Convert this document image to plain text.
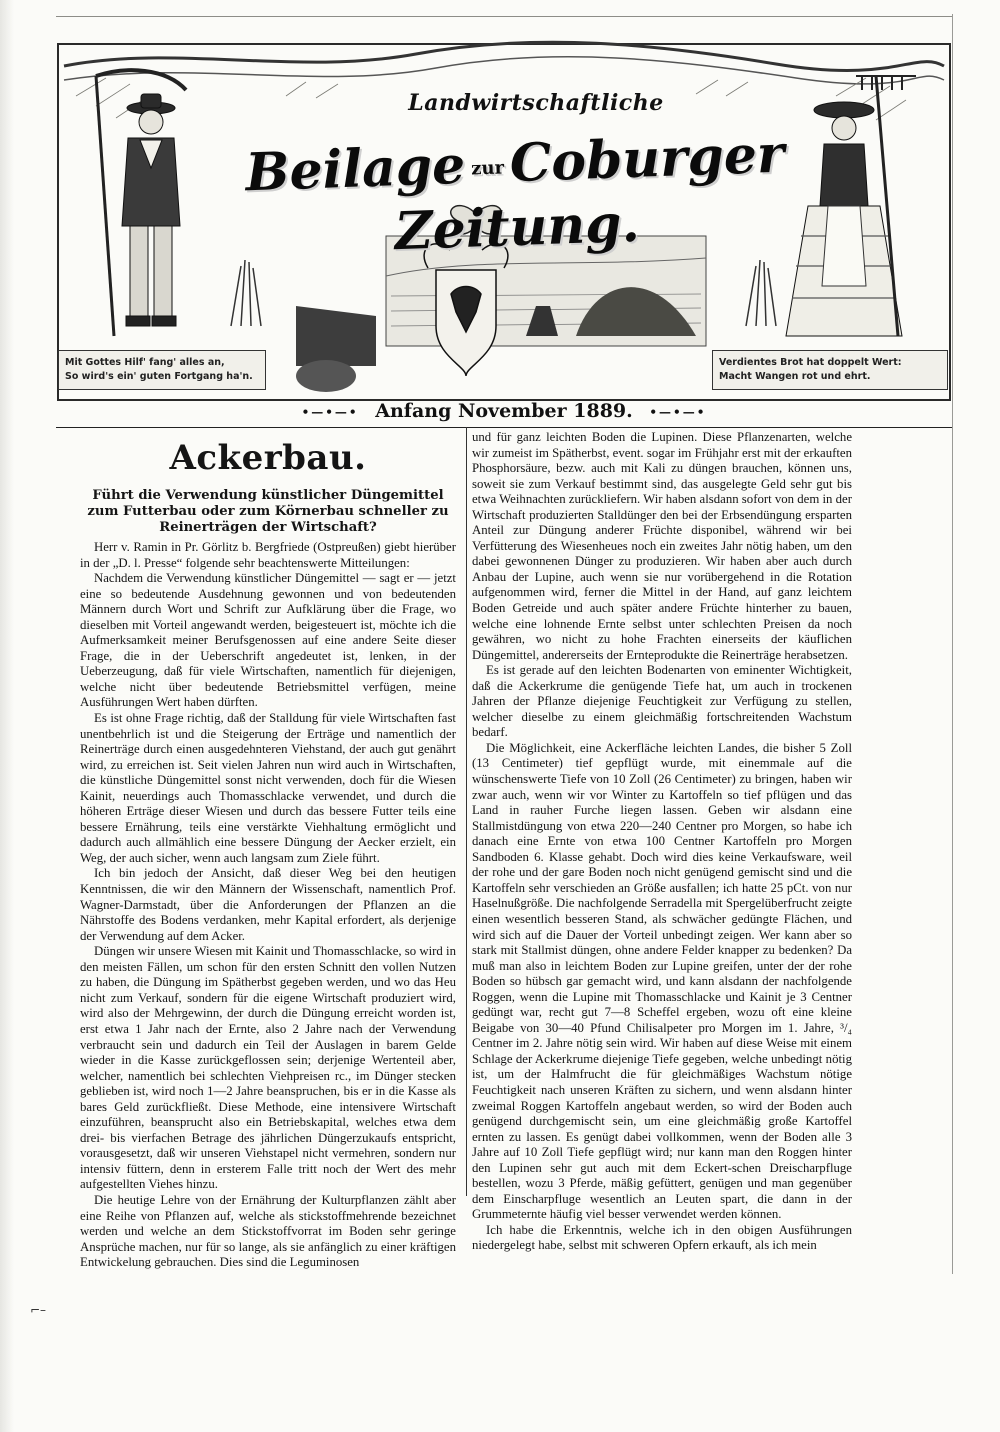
Landwirtschaftliche
Beilage zurCoburger Zeitung.
Mit Gottes Hilf' fang' alles an,
So wird's ein' guten Fortgang ha'n.
Verdientes Brot hat doppelt Wert:
Macht Wangen rot und ehrt.
•—•—• Anfang November 1889. •—•—•
Ackerbau.
Führt die Verwendung künstlicher Düngemittel zum Futterbau oder zum Körnerbau schneller zu Reinerträgen der Wirtschaft?

Herr v. Ramin in Pr. Görlitz b. Bergfriede (Ostpreußen) giebt hierüber in der „D. l. Presse“ folgende sehr beachtenswerte Mitteilungen:

Nachdem die Verwendung künstlicher Düngemittel — sagt er — jetzt eine so bedeutende Ausdehnung gewonnen und von bedeutenden Männern durch Wort und Schrift zur Aufklärung über die Frage, wo dieselben mit Vorteil angewandt werden, beigesteuert ist, möchte ich die Aufmerksamkeit meiner Berufsgenossen auf eine andere Seite dieser Frage, die in der Ueberschrift angedeutet ist, lenken, in der Ueberzeugung, daß für viele Wirtschaften, namentlich für diejenigen, welche nicht über bedeutende Betriebsmittel verfügen, meine Ausführungen Wert haben dürften.

Es ist ohne Frage richtig, daß der Stalldung für viele Wirtschaften fast unentbehrlich ist und die Steigerung der Erträge und namentlich der Reinerträge durch einen ausgedehnteren Viehstand, der auch gut genährt wird, zu erreichen ist. Seit vielen Jahren nun wird auch in Wirtschaften, die künstliche Düngemittel sonst nicht verwenden, doch für die Wiesen Kainit, neuerdings auch Thomasschlacke verwendet, und durch die höheren Erträge dieser Wiesen und durch das bessere Futter teils eine bessere Ernährung, teils eine verstärkte Viehhaltung ermöglicht und dadurch auch allmählich eine bessere Düngung der Aecker erzielt, ein Weg, der auch sicher, wenn auch langsam zum Ziele führt.

Ich bin jedoch der Ansicht, daß dieser Weg bei den heutigen Kenntnissen, die wir den Männern der Wissenschaft, namentlich Prof. Wagner-Darmstadt, über die Anforderungen der Pflanzen an die Nährstoffe des Bodens verdanken, mehr Kapital erfordert, als derjenige der Verwendung auf dem Acker.

Düngen wir unsere Wiesen mit Kainit und Thomasschlacke, so wird in den meisten Fällen, um schon für den ersten Schnitt den vollen Nutzen zu haben, die Düngung im Spätherbst gegeben werden, und wo das Heu nicht zum Verkauf, sondern für die eigene Wirtschaft produziert wird, wird also der Mehrgewinn, der durch die Düngung erreicht worden ist, erst etwa 1 Jahr nach der Ernte, also 2 Jahre nach der Verwendung verbraucht sein und dadurch ein Teil der Auslagen in barem Gelde wieder in die Kasse zurückgeflossen sein; derjenige Wertenteil aber, welcher, namentlich bei schlechten Viehpreisen rc., im Dünger stecken geblieben ist, wird noch 1—2 Jahre beanspruchen, bis er in die Kasse als bares Geld zurückfließt. Diese Methode, eine intensivere Wirtschaft einzuführen, beansprucht also ein Betriebskapital, welches etwa dem drei- bis vierfachen Betrage des jährlichen Düngerzukaufs entspricht, vorausgesetzt, daß wir unseren Viehstapel nicht vermehren, sondern nur intensiv füttern, denn in ersterem Falle tritt noch der Wert des mehr aufgestellten Viehes hinzu.

Die heutige Lehre von der Ernährung der Kulturpflanzen zählt aber eine Reihe von Pflanzen auf, welche als stickstoffmehrende bezeichnet werden und welche an dem Stickstoffvorrat im Boden sehr geringe Ansprüche machen, nur für so lange, als sie anfänglich zu einer kräftigen Entwickelung gebrauchen. Dies sind die Leguminosen

und für ganz leichten Boden die Lupinen. Diese Pflanzenarten, welche wir zumeist im Spätherbst, event. sogar im Frühjahr erst mit der erkauften Phosphorsäure, bezw. auch mit Kali zu düngen brauchen, können uns, soweit sie zum Verkauf bestimmt sind, das ausgelegte Geld sehr gut bis etwa Weihnachten zurückliefern. Wir haben alsdann sofort von dem in der Wirtschaft produzierten Stalldünger den bei der Erbsendüngung ersparten Anteil zur Düngung anderer Früchte disponibel, während wir bei Verfütterung des Wiesenheues noch ein zweites Jahr nötig haben, um den dabei gewonnenen Dünger zu produzieren. Wir haben aber auch durch Anbau der Lupine, auch wenn sie nur vorübergehend in die Rotation aufgenommen wird, ferner die Mittel in der Hand, auf ganz leichtem Boden Getreide und auch später andere Früchte hinterher zu bauen, welche eine lohnende Ernte selbst unter schlechten Preisen da noch gewähren, wo nicht zu hohe Frachten einerseits der käuflichen Düngemittel, andererseits der Ernteprodukte die Reinerträge herabsetzen.

Es ist gerade auf den leichten Bodenarten von eminenter Wichtigkeit, daß die Ackerkrume die genügende Tiefe hat, um auch in trockenen Jahren der Pflanze diejenige Feuchtigkeit zur Verfügung zu stellen, welcher dieselbe zu einem gleichmäßig fortschreitenden Wachstum bedarf.

Die Möglichkeit, eine Ackerfläche leichten Landes, die bisher 5 Zoll (13 Centimeter) tief gepflügt wurde, mit einemmale auf die wünschenswerte Tiefe von 10 Zoll (26 Centimeter) zu bringen, haben wir zwar auch, wenn wir vor Winter zu Kartoffeln so tief pflügen und das Land in rauher Furche liegen lassen. Geben wir alsdann eine Stallmistdüngung von etwa 220—240 Centner pro Morgen, so habe ich danach eine Ernte von etwa 100 Centner Kartoffeln pro Morgen Sandboden 6. Klasse gehabt. Doch wird dies keine Verkaufsware, weil der rohe und der gare Boden noch nicht genügend gemischt sind und die Kartoffeln sehr verschieden an Größe ausfallen; ich hatte 25 pCt. von nur Haselnußgröße. Die nachfolgende Serradella mit Spergelüberfrucht zeigte einen wesentlich besseren Stand, als schwächer gedüngte Flächen, und wird sich auf die Dauer der Vorteil unbedingt zeigen. Wer kann aber so stark mit Stallmist düngen, ohne andere Felder knapper zu bedenken? Da muß man also in leichtem Boden zur Lupine greifen, unter der der rohe Boden so hübsch gar gemacht wird, und kann alsdann der nachfolgende Roggen, wenn die Lupine mit Thomasschlacke und Kainit je 3 Centner gedüngt war, recht gut 7—8 Scheffel ergeben, wozu oft eine kleine Beigabe von 30—40 Pfund Chilisalpeter pro Morgen im 1. Jahre, ³/₄ Centner im 2. Jahre nötig sein wird. Wir haben auf diese Weise mit einem Schlage der Ackerkrume diejenige Tiefe gegeben, welche unbedingt nötig ist, um der Halmfrucht die für gleichmäßiges Wachstum nötige Feuchtigkeit nach unseren Kräften zu sichern, und wenn alsdann hinter zweimal Roggen Kartoffeln angebaut werden, so wird der Boden auch genügend durchgemischt sein, um eine gleichmäßig große Kartoffel ernten zu lassen. Es genügt dabei vollkommen, wenn der Boden alle 3 Jahre auf 10 Zoll Tiefe gepflügt wird; nur kann man den Roggen hinter den Lupinen sehr gut auch mit dem Eckert-schen Dreischarpfluge bestellen, wozu 3 Pferde, mäßig gefüttert, genügen und man gegenüber dem Einscharpfluge wesentlich an Leuten spart, die dann in der Grummeternte häufig viel besser verwendet werden können.

Ich habe die Erkenntnis, welche ich in den obigen Ausführungen niedergelegt habe, selbst mit schweren Opfern erkauft, als ich mein

⌐–
